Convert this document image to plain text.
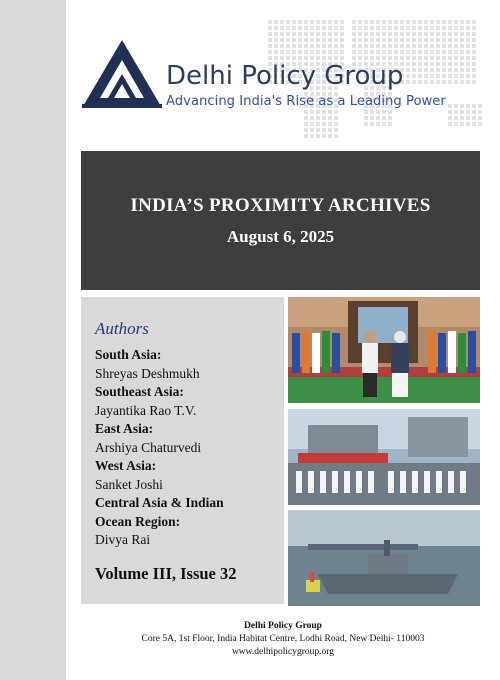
Delhi Policy Group
Advancing India's Rise as a Leading Power
INDIA’S PROXIMITY ARCHIVES
August 6, 2025
Authors
South Asia:
Shreyas Deshmukh
Southeast Asia:
Jayantika Rao T.V.
East Asia:
Arshiya Chaturvedi
West Asia:
Sanket Joshi
Central Asia & Indian
Ocean Region:
Divya Rai
Volume III, Issue 32
Delhi Policy Group
Core 5A, 1st Floor, India Habitat Centre, Lodhi Road, New Delhi- 110003
www.delhipolicygroup.org
